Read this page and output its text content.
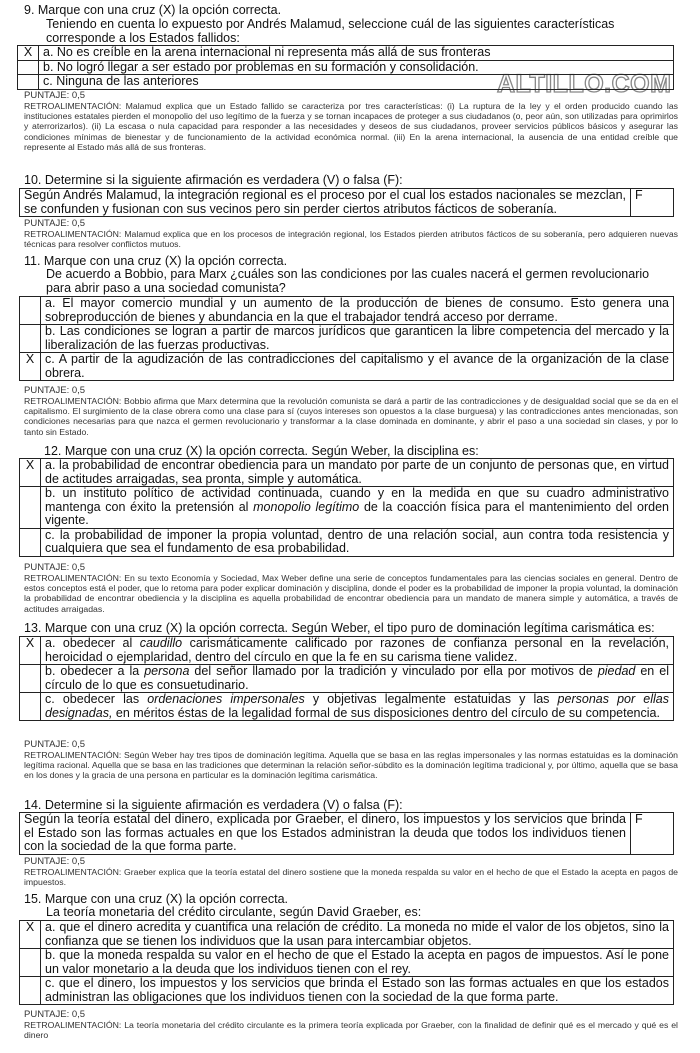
ALTILLO.COM
9. Marque con una cruz (X) la opción correcta.
Teniendo en cuenta lo expuesto por Andrés Malamud, seleccione cuál de las siguientes características corresponde a los Estados fallidos:
X	a. No es creíble en la arena internacional ni representa más allá de sus fronteras
	b. No logró llegar a ser estado por problemas en su formación y consolidación.
	c. Ninguna de las anteriores
PUNTAJE: 0,5
RETROALIMENTACIÓN: Malamud explica que un Estado fallido se caracteriza por tres características: (i) La ruptura de la ley y el orden producido cuando las instituciones estatales pierden el monopolio del uso legítimo de la fuerza y se tornan incapaces de proteger a sus ciudadanos (o, peor aún, son utilizadas para oprimirlos y aterrorizarlos). (ii) La escasa o nula capacidad para responder a las necesidades y deseos de sus ciudadanos, proveer servicios públicos básicos y asegurar las condiciones mínimas de bienestar y de funcionamiento de la actividad económica normal. (iii) En la arena internacional, la ausencia de una entidad creíble que represente al Estado más allá de sus fronteras.
10. Determine si la siguiente afirmación es verdadera (V) o falsa (F):
Según Andrés Malamud, la integración regional es el proceso por el cual los estados nacionales se mezclan, se confunden y fusionan con sus vecinos pero sin perder ciertos atributos fácticos de soberanía.	F
PUNTAJE: 0,5
RETROALIMENTACIÓN: Malamud explica que en los procesos de integración regional, los Estados pierden atributos fácticos de su soberanía, pero adquieren nuevas técnicas para resolver conflictos mutuos.
11. Marque con una cruz (X) la opción correcta.
De acuerdo a Bobbio, para Marx ¿cuáles son las condiciones por las cuales nacerá el germen revolucionario para abrir paso a una sociedad comunista?
	a. El mayor comercio mundial y un aumento de la producción de bienes de consumo. Esto genera una sobreproducción de bienes y abundancia en la que el trabajador tendrá acceso por derrame.
	b. Las condiciones se logran a partir de marcos jurídicos que garanticen la libre competencia del mercado y la liberalización de las fuerzas productivas.
X	c. A partir de la agudización de las contradicciones del capitalismo y el avance de la organización de la clase obrera.
PUNTAJE: 0,5
RETROALIMENTACIÓN: Bobbio afirma que Marx determina que la revolución comunista se dará a partir de las contradicciones y de desigualdad social que se da en el capitalismo. El surgimiento de la clase obrera como una clase para sí (cuyos intereses son opuestos a la clase burguesa) y las contradicciones antes mencionadas, son condiciones necesarias para que nazca el germen revolucionario y transformar a la clase dominada en dominante, y abrir el paso a una sociedad sin clases, y por lo tanto sin Estado.
12. Marque con una cruz (X) la opción correcta. Según Weber, la disciplina es:
X	a. la probabilidad de encontrar obediencia para un mandato por parte de un conjunto de personas que, en virtud de actitudes arraigadas, sea pronta, simple y automática.
	b. un instituto político de actividad continuada, cuando y en la medida en que su cuadro administrativo mantenga con éxito la pretensión al monopolio legítimo de la coacción física para el mantenimiento del orden vigente.
	c. la probabilidad de imponer la propia voluntad, dentro de una relación social, aun contra toda resistencia y cualquiera que sea el fundamento de esa probabilidad.
PUNTAJE: 0,5
RETROALIMENTACIÓN: En su texto Economía y Sociedad, Max Weber define una serie de conceptos fundamentales para las ciencias sociales en general. Dentro de estos conceptos está el poder, que lo retoma para poder explicar dominación y disciplina, donde el poder es la probabilidad de imponer la propia voluntad, la dominación la probabilidad de encontrar obediencia y la disciplina es aquella probabilidad de encontrar obediencia para un mandato de manera simple y automática, a través de actitudes arraigadas.
13. Marque con una cruz (X) la opción correcta. Según Weber, el tipo puro de dominación legítima carismática es:
X	a. obedecer al caudillo carismáticamente calificado por razones de confianza personal en la revelación, heroicidad o ejemplaridad, dentro del círculo en que la fe en su carisma tiene validez.
	b. obedecer a la persona del señor llamado por la tradición y vinculado por ella por motivos de piedad en el círculo de lo que es consuetudinario.
	c. obedecer las ordenaciones impersonales y objetivas legalmente estatuidas y las personas por ellas designadas, en méritos éstas de la legalidad formal de sus disposiciones dentro del círculo de su competencia.
PUNTAJE: 0,5
RETROALIMENTACIÓN: Según Weber hay tres tipos de dominación legítima. Aquella que se basa en las reglas impersonales y las normas estatuidas es la dominación legítima racional. Aquella que se basa en las tradiciones que determinan la relación señor-súbdito es la dominación legítima tradicional y, por último, aquella que se basa en los dones y la gracia de una persona en particular es la dominación legítima carismática.
14. Determine si la siguiente afirmación es verdadera (V) o falsa (F):
Según la teoría estatal del dinero, explicada por Graeber, el dinero, los impuestos y los servicios que brinda el Estado son las formas actuales en que los Estados administran la deuda que todos los individuos tienen con la sociedad de la que forma parte.	F
PUNTAJE: 0,5
RETROALIMENTACIÓN: Graeber explica que la teoría estatal del dinero sostiene que la moneda respalda su valor en el hecho de que el Estado la acepta en pagos de impuestos.
15. Marque con una cruz (X) la opción correcta.
La teoría monetaria del crédito circulante, según David Graeber, es:
X	a. que el dinero acredita y cuantifica una relación de crédito. La moneda no mide el valor de los objetos, sino la confianza que se tienen los individuos que la usan para intercambiar objetos.
	b. que la moneda respalda su valor en el hecho de que el Estado la acepta en pagos de impuestos. Así le pone un valor monetario a la deuda que los individuos tienen con el rey.
	c. que el dinero, los impuestos y los servicios que brinda el Estado son las formas actuales en que los estados administran las obligaciones que los individuos tienen con la sociedad de la que forma parte.
PUNTAJE: 0,5
RETROALIMENTACIÓN: La teoría monetaria del crédito circulante es la primera teoría explicada por Graeber, con la finalidad de definir qué es el mercado y qué es el dinero
